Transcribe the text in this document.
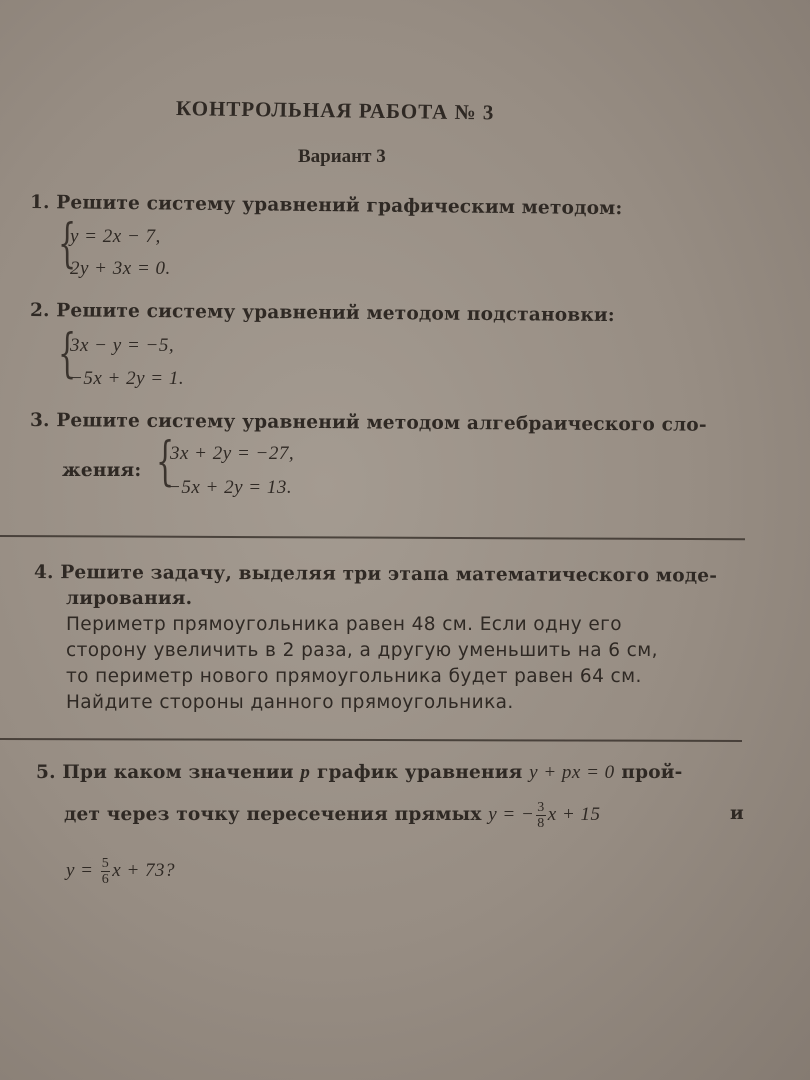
КОНТРОЛЬНАЯ РАБОТА № 3
Вариант 3
1. Решите систему уравнений графическим методом:
{
y = 2x − 7,
2y + 3x = 0.
2. Решите систему уравнений методом подстановки:
{
3x − y = −5,
−5x + 2y = 1.
3. Решите систему уравнений методом алгебраического сло-
жения: {
3x + 2y = −27,
−5x + 2y = 13.
4. Решите задачу, выделяя три этапа математического моде-
лирования.
Периметр прямоугольника равен 48 см. Если одну его
сторону увеличить в 2 раза, а другую уменьшить на 6 см,
то периметр нового прямоугольника будет равен 64 см.
Найдите стороны данного прямоугольника.
5. При каком значении p график уравнения y + px = 0 прой-
дет через точку пересечения прямых y = − $\frac{3}{8}$ x + 15	и
$y = \frac{5}{6}$ x + 73?
